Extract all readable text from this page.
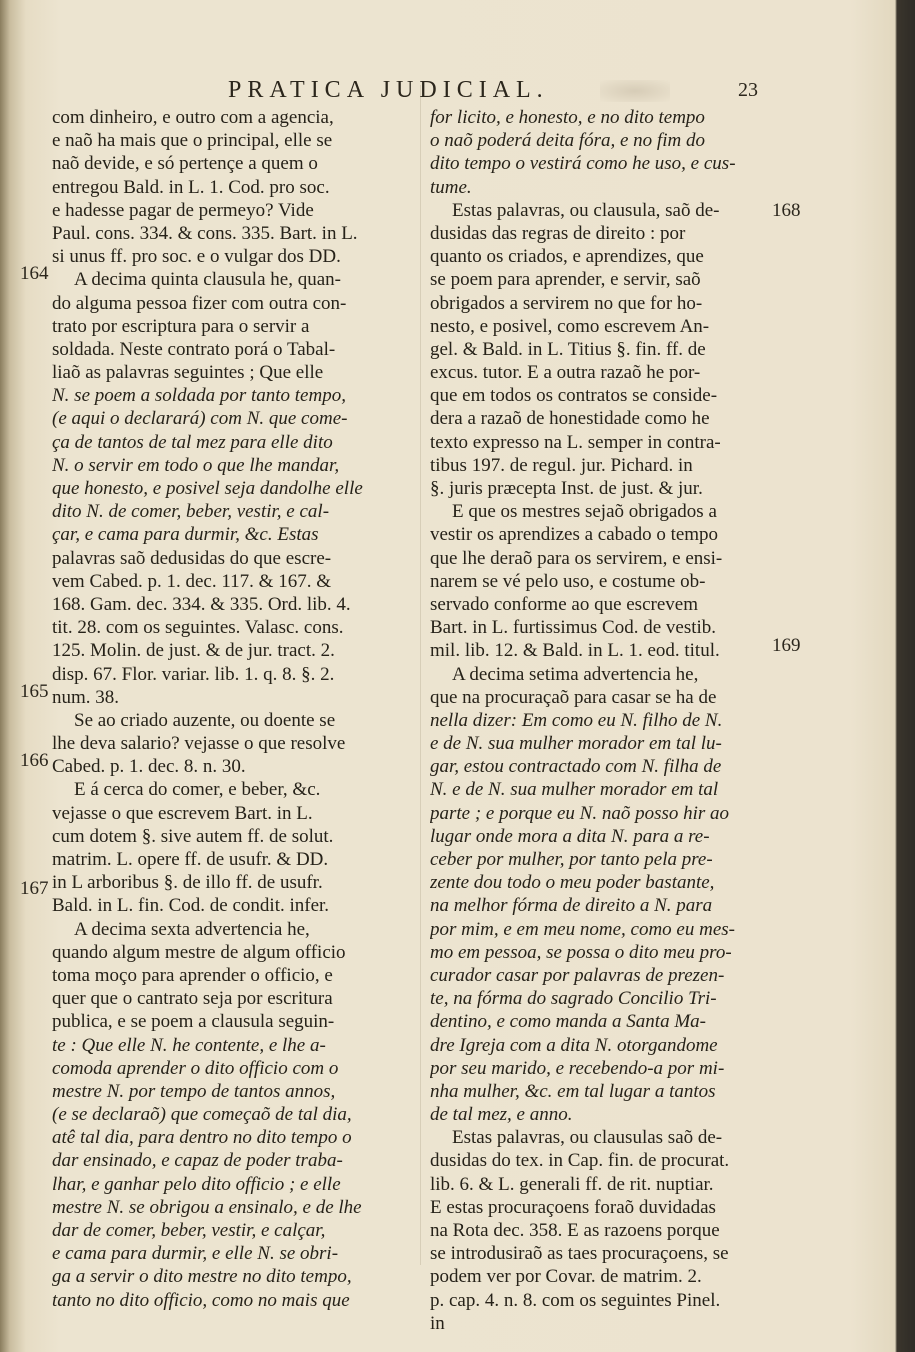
PRATICA JUDICIAL.	23
164
165
166
167
168
169
com dinheiro, e outro com a agencia,
e naõ ha mais que o principal, elle se
naõ devide, e só pertençe a quem o
entregou Bald. in L. 1. Cod. pro soc.
e hadesse pagar de permeyo? Vide
Paul. cons. 334. & cons. 335. Bart. in L.
si unus ff. pro soc. e o vulgar dos DD.
A decima quinta clausula he, quan-
do alguma pessoa fizer com outra con-
trato por escriptura para o servir a
soldada. Neste contrato porá o Tabal-
liaõ as palavras seguintes ; Que elle
N. se poem a soldada por tanto tempo,
(e aqui o declarará) com N. que come-
ça de tantos de tal mez para elle dito
N. o servir em todo o que lhe mandar,
que honesto, e posivel seja dandolhe elle
dito N. de comer, beber, vestir, e cal-
çar, e cama para durmir, &c. Estas
palavras saõ dedusidas do que escre-
vem Cabed. p. 1. dec. 117. & 167. &
168. Gam. dec. 334. & 335. Ord. lib. 4.
tit. 28. com os seguintes. Valasc. cons.
125. Molin. de just. & de jur. tract. 2.
disp. 67. Flor. variar. lib. 1. q. 8. §. 2.
num. 38.
Se ao criado auzente, ou doente se
lhe deva salario? vejasse o que resolve
Cabed. p. 1. dec. 8. n. 30.
E á cerca do comer, e beber, &c.
vejasse o que escrevem Bart. in L.
cum dotem §. sive autem ff. de solut.
matrim. L. opere ff. de usufr. & DD.
in L arboribus §. de illo ff. de usufr.
Bald. in L. fin. Cod. de condit. infer.
A decima sexta advertencia he,
quando algum mestre de algum officio
toma moço para aprender o officio, e
quer que o cantrato seja por escritura
publica, e se poem a clausula seguin-
te : Que elle N. he contente, e lhe a-
comoda aprender o dito officio com o
mestre N. por tempo de tantos annos,
(e se declaraõ) que começaõ de tal dia,
atê tal dia, para dentro no dito tempo o
dar ensinado, e capaz de poder traba-
lhar, e ganhar pelo dito officio ; e elle
mestre N. se obrigou a ensinalo, e de lhe
dar de comer, beber, vestir, e calçar,
e cama para durmir, e elle N. se obri-
ga a servir o dito mestre no dito tempo,
tanto no dito officio, como no mais que
for licito, e honesto, e no dito tempo
o naõ poderá deita fóra, e no fim do
dito tempo o vestirá como he uso, e cus-
tume.
Estas palavras, ou clausula, saõ de-
dusidas das regras de direito : por
quanto os criados, e aprendizes, que
se poem para aprender, e servir, saõ
obrigados a servirem no que for ho-
nesto, e posivel, como escrevem An-
gel. & Bald. in L. Titius §. fin. ff. de
excus. tutor. E a outra razaõ he por-
que em todos os contratos se conside-
dera a razaõ de honestidade como he
texto expresso na L. semper in contra-
tibus 197. de regul. jur. Pichard. in
§. juris præcepta Inst. de just. & jur.
E que os mestres sejaõ obrigados a
vestir os aprendizes a cabado o tempo
que lhe deraõ para os servirem, e ensi-
narem se vé pelo uso, e costume ob-
servado conforme ao que escrevem
Bart. in L. furtissimus Cod. de vestib.
mil. lib. 12. & Bald. in L. 1. eod. titul.
A decima setima advertencia he,
que na procuraçaõ para casar se ha de
nella dizer: Em como eu N. filho de N.
e de N. sua mulher morador em tal lu-
gar, estou contractado com N. filha de
N. e de N. sua mulher morador em tal
parte ; e porque eu N. naõ posso hir ao
lugar onde mora a dita N. para a re-
ceber por mulher, por tanto pela pre-
zente dou todo o meu poder bastante,
na melhor fórma de direito a N. para
por mim, e em meu nome, como eu mes-
mo em pessoa, se possa o dito meu pro-
curador casar por palavras de prezen-
te, na fórma do sagrado Concilio Tri-
dentino, e como manda a Santa Ma-
dre Igreja com a dita N. otorgandome
por seu marido, e recebendo-a por mi-
nha mulher, &c. em tal lugar a tantos
de tal mez, e anno.
Estas palavras, ou clausulas saõ de-
dusidas do tex. in Cap. fin. de procurat.
lib. 6. & L. generali ff. de rit. nuptiar.
E estas procuraçoens foraõ duvidadas
na Rota dec. 358. E as razoens porque
se introdusiraõ as taes procuraçoens, se
podem ver por Covar. de matrim. 2.
p. cap. 4. n. 8. com os seguintes Pinel.
in
